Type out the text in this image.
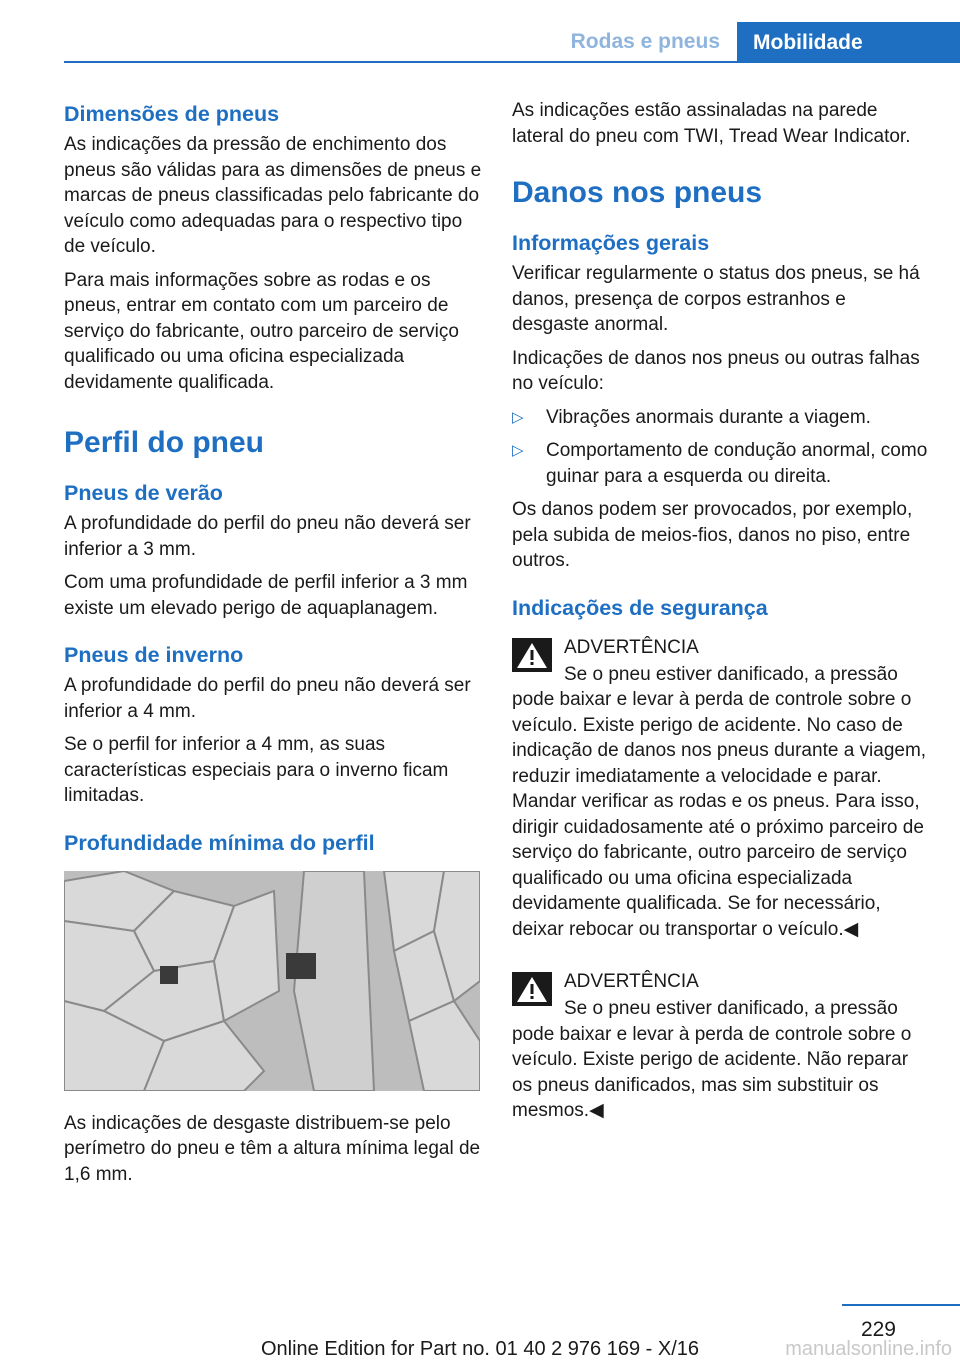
Rodas e pneus Mobilidade
Dimensões de pneus

As indicações da pressão de enchimento dos pneus são válidas para as dimensões de pneus e marcas de pneus classificadas pelo fabricante do veículo como adequadas para o respectivo tipo de veículo.

Para mais informações sobre as rodas e os pneus, entrar em contato com um parceiro de serviço do fabricante, outro parceiro de serviço qualificado ou uma oficina especializada devidamente qualificada.

Perfil do pneu
Pneus de verão

A profundidade do perfil do pneu não deverá ser inferior a 3 mm.

Com uma profundidade de perfil inferior a 3 mm existe um elevado perigo de aquaplanagem.

Pneus de inverno

A profundidade do perfil do pneu não deverá ser inferior a 4 mm.

Se o perfil for inferior a 4 mm, as suas características especiais para o inverno ficam limitadas.

Profundidade mínima do perfil

As indicações de desgaste distribuem-se pelo perímetro do pneu e têm a altura mínima legal de 1,6 mm.

As indicações estão assinaladas na parede lateral do pneu com TWI, Tread Wear Indicator.

Danos nos pneus
Informações gerais

Verificar regularmente o status dos pneus, se há danos, presença de corpos estranhos e desgaste anormal.

Indicações de danos nos pneus ou outras falhas no veículo:

▷ Vibrações anormais durante a viagem.
▷ Comportamento de condução anormal, como guinar para a esquerda ou direita.

Os danos podem ser provocados, por exemplo, pela subida de meios-fios, danos no piso, entre outros.

Indicações de segurança
ADVERTÊNCIA

Se o pneu estiver danificado, a pressão pode baixar e levar à perda de controle sobre o veículo. Existe perigo de acidente. No caso de indicação de danos nos pneus durante a viagem, reduzir imediatamente a velocidade e parar. Mandar verificar as rodas e os pneus. Para isso, dirigir cuidadosamente até o próximo parceiro de serviço do fabricante, outro parceiro de serviço qualificado ou uma oficina especializada devidamente qualificada. Se for necessário, deixar rebocar ou transportar o veículo.◀

ADVERTÊNCIA

Se o pneu estiver danificado, a pressão pode baixar e levar à perda de controle sobre o veículo. Existe perigo de acidente. Não reparar os pneus danificados, mas sim substituir os mesmos.◀

229
Online Edition for Part no. 01 40 2 976 169 - X/16	manualsonline.info
